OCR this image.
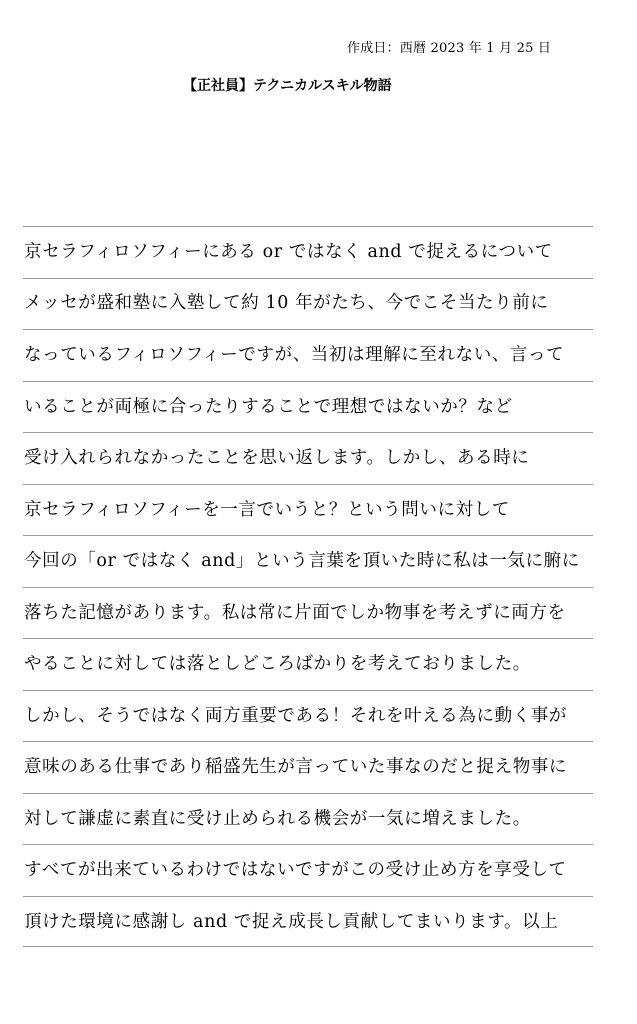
作成日：西暦 2023 年 1 月 25 日
【正社員】テクニカルスキル物語
京セラフィロソフィーにある or ではなく and で捉えるについて
メッセが盛和塾に入塾して約 10 年がたち、今でこそ当たり前に
なっているフィロソフィーですが、当初は理解に至れない、言って
いることが両極に合ったりすることで理想ではないか？など
受け入れられなかったことを思い返します。しかし、ある時に
京セラフィロソフィーを一言でいうと？という問いに対して
今回の「or ではなく and」という言葉を頂いた時に私は一気に腑に
落ちた記憶があります。私は常に片面でしか物事を考えずに両方を
やることに対しては落としどころばかりを考えておりました。
しかし、そうではなく両方重要である！それを叶える為に動く事が
意味のある仕事であり稲盛先生が言っていた事なのだと捉え物事に
対して謙虚に素直に受け止められる機会が一気に増えました。
すべてが出来ているわけではないですがこの受け止め方を享受して
頂けた環境に感謝し and で捉え成長し貢献してまいります。以上
